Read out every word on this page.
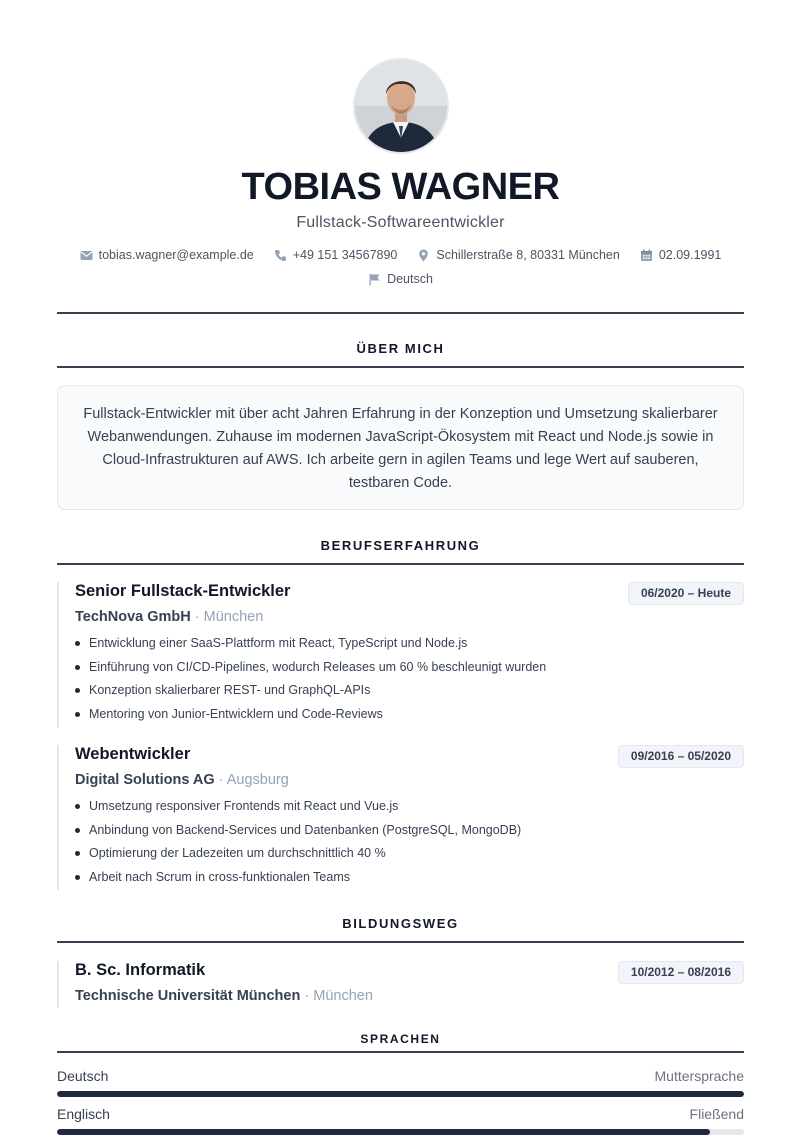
TOBIAS WAGNER
Fullstack-Softwareentwickler
tobias.wagner@example.de	+49 151 34567890	Schillerstraße 8, 80331 München	02.09.1991
Deutsch
ÜBER MICH
Fullstack-Entwickler mit über acht Jahren Erfahrung in der Konzeption und Umsetzung skalierbarer Webanwendungen. Zuhause im modernen JavaScript-Ökosystem mit React und Node.js sowie in Cloud-Infrastrukturen auf AWS. Ich arbeite gern in agilen Teams und lege Wert auf sauberen, testbaren Code.
BERUFSERFAHRUNG
Senior Fullstack-Entwickler	06/2020 – Heute
TechNova GmbH · München
Entwicklung einer SaaS-Plattform mit React, TypeScript und Node.js
Einführung von CI/CD-Pipelines, wodurch Releases um 60 % beschleunigt wurden
Konzeption skalierbarer REST- und GraphQL-APIs
Mentoring von Junior-Entwicklern und Code-Reviews
Webentwickler	09/2016 – 05/2020
Digital Solutions AG · Augsburg
Umsetzung responsiver Frontends mit React und Vue.js
Anbindung von Backend-Services und Datenbanken (PostgreSQL, MongoDB)
Optimierung der Ladezeiten um durchschnittlich 40 %
Arbeit nach Scrum in cross-funktionalen Teams
BILDUNGSWEG
B. Sc. Informatik	10/2012 – 08/2016
Technische Universität München · München
SPRACHEN
Deutsch	Muttersprache
Englisch	Fließend
